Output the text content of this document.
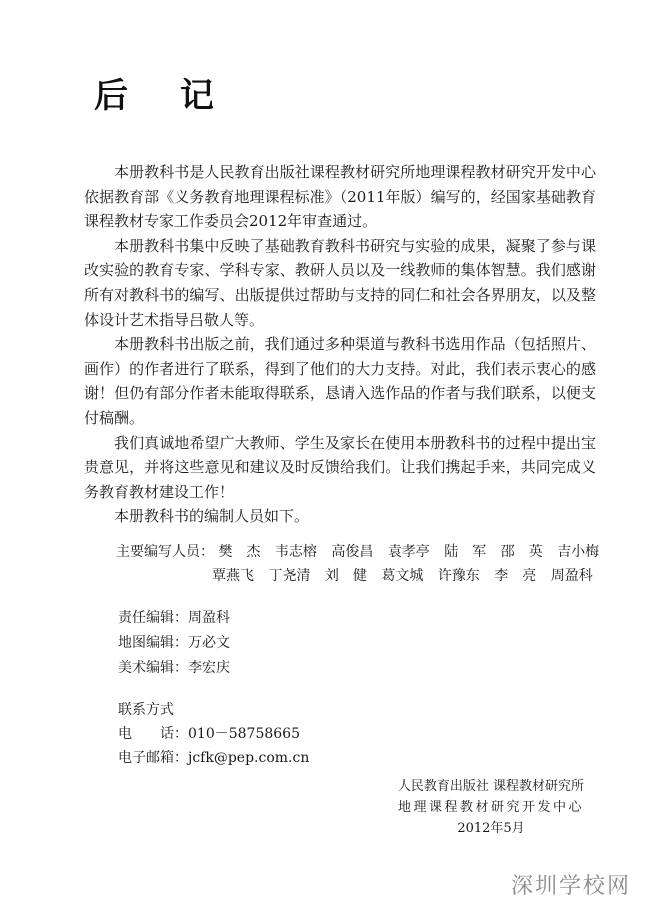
后 记

本册教科书是人民教育出版社课程教材研究所地理课程教材研究开发中心依据教育部《义务教育地理课程标准》（2011年版）编写的，经国家基础教育课程教材专家工作委员会2012年审查通过。

本册教科书集中反映了基础教育教科书研究与实验的成果，凝聚了参与课改实验的教育专家、学科专家、教研人员以及一线教师的集体智慧。我们感谢所有对教科书的编写、出版提供过帮助与支持的同仁和社会各界朋友，以及整体设计艺术指导吕敬人等。

本册教科书出版之前，我们通过多种渠道与教科书选用作品（包括照片、画作）的作者进行了联系，得到了他们的大力支持。对此，我们表示衷心的感谢！但仍有部分作者未能取得联系，恳请入选作品的作者与我们联系，以便支付稿酬。

我们真诚地希望广大教师、学生及家长在使用本册教科书的过程中提出宝贵意见，并将这些意见和建议及时反馈给我们。让我们携起手来，共同完成义务教育教材建设工作！

本册教科书的编制人员如下。

主要编写人员： 樊　杰 韦志榕 高俊昌 袁孝亭 陆　军 邵　英 吉小梅
覃燕飞 丁尧清 刘　健 葛文城 许豫东 李　亮 周盈科
责任编辑：周盈科
地图编辑：万必文
美术编辑：李宏庆
联系方式
电　　话：010－58758665
电子邮箱：jcfk@pep.com.cn
人民教育出版社 课程教材研究所
地理课程教材研究开发中心
2012年5月
深圳学校网
